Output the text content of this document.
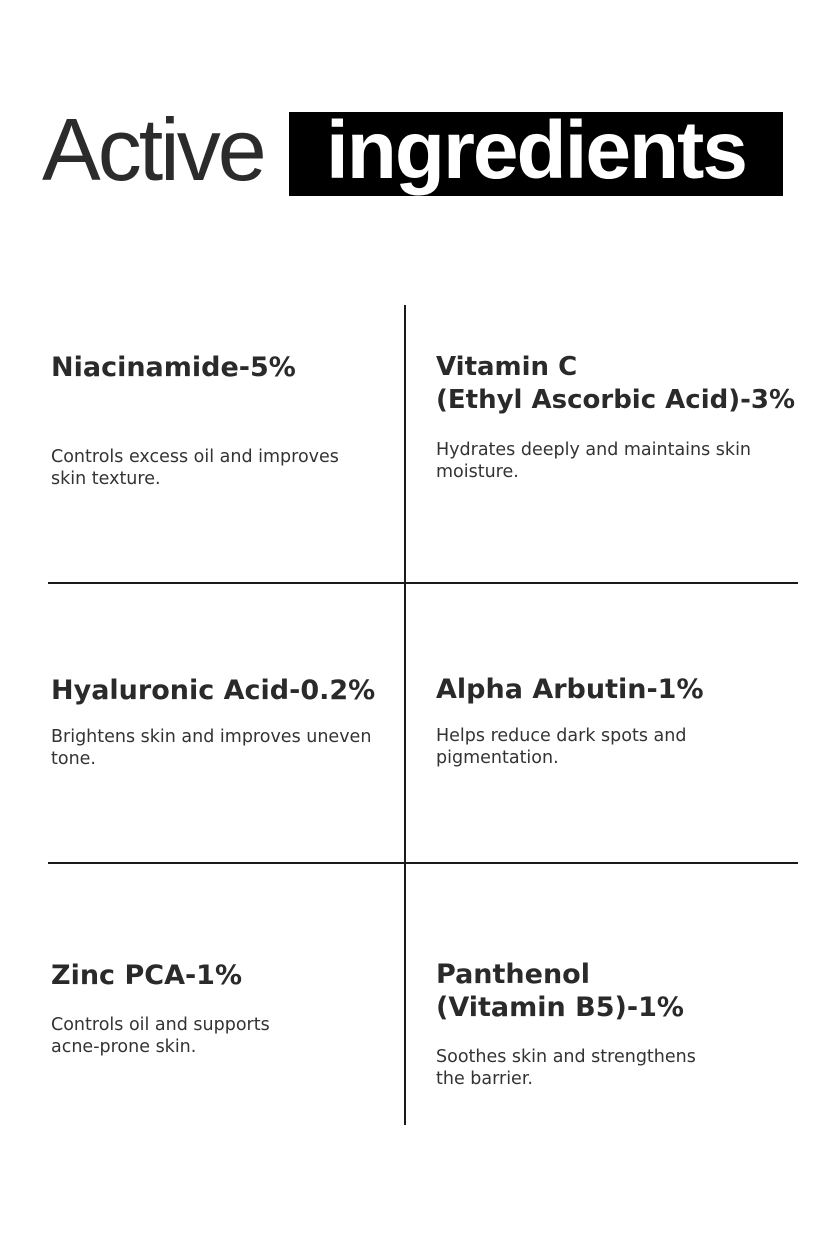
Active ingredients
Niacinamide-5%

Controls excess oil and improves skin texture.

Vitamin C
(Ethyl Ascorbic Acid)-3%

Hydrates deeply and maintains skin moisture.

Hyaluronic Acid-0.2%

Brightens skin and improves uneven tone.

Alpha Arbutin-1%

Helps reduce dark spots and pigmentation.

Zinc PCA-1%

Controls oil and supports acne-prone skin.

Panthenol
(Vitamin B5)-1%

Soothes skin and strengthens the barrier.
